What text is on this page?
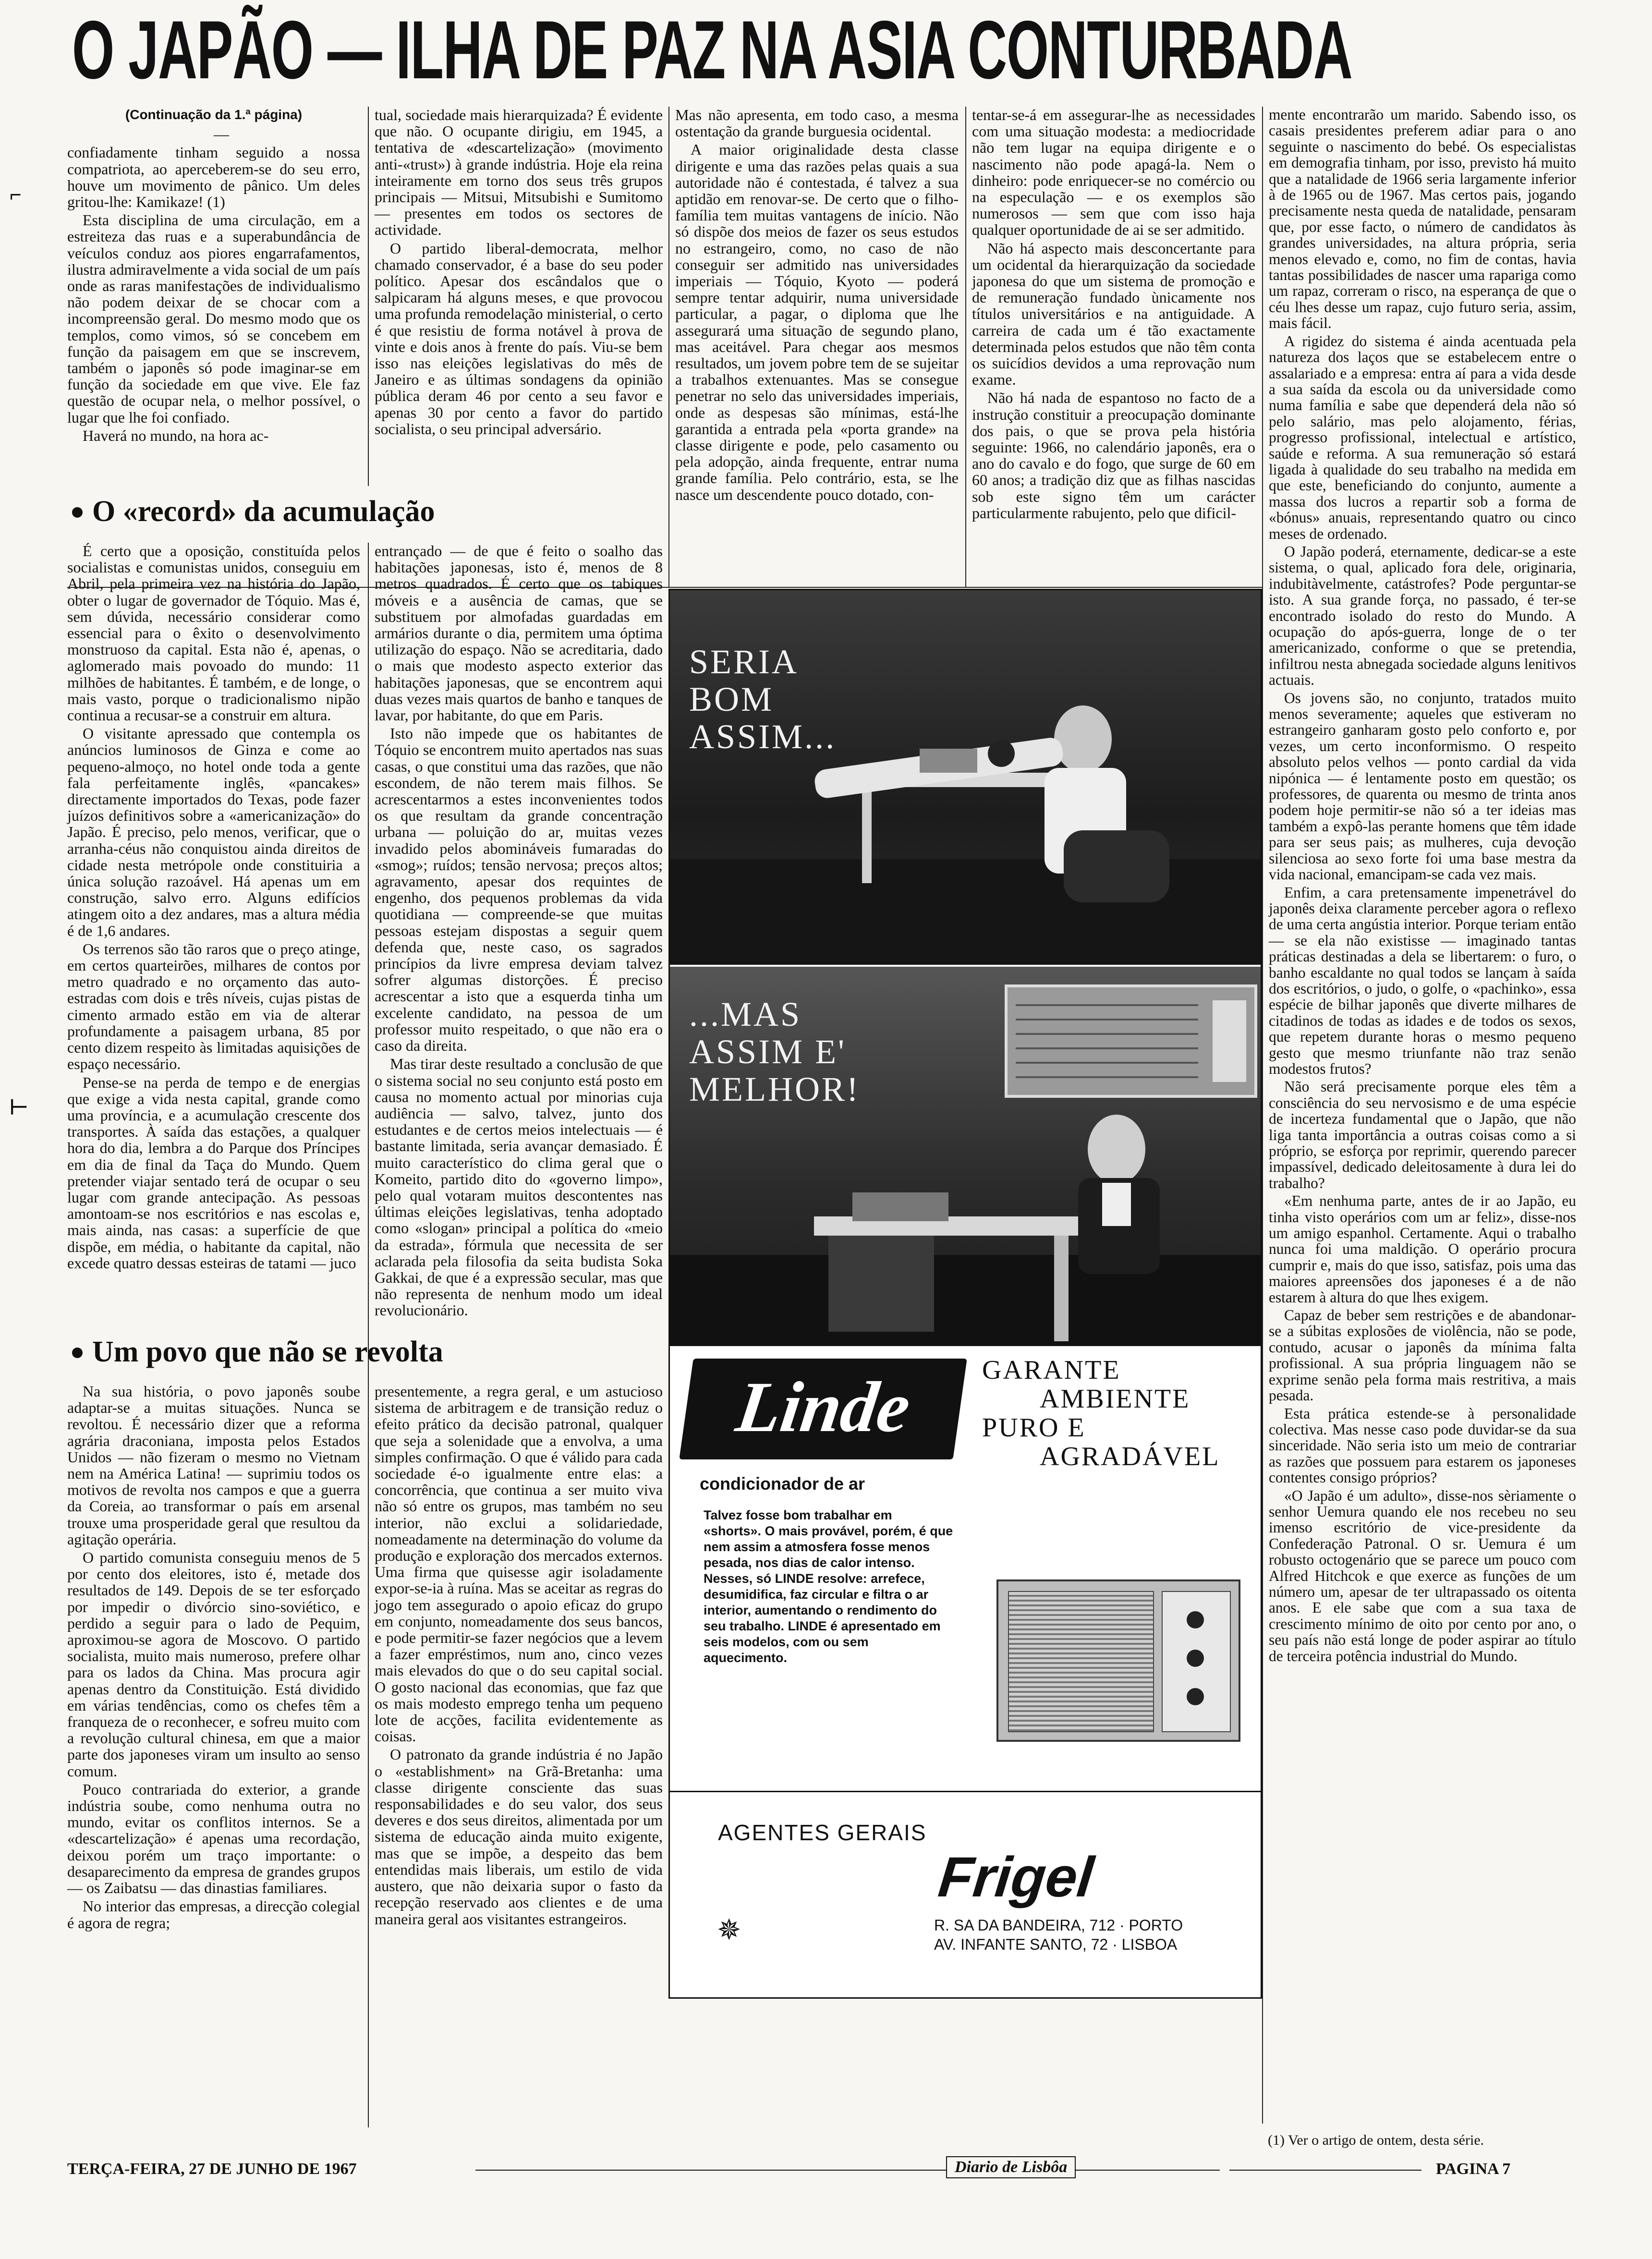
O JAPÃO — ILHA DE PAZ NA ASIA CONTURBADA

(Continuação da 1.ª página)

—

confiadamente tinham seguido a nossa compatriota, ao aperceberem-se do seu erro, houve um movimento de pânico. Um deles gritou-lhe: Kamikaze! (1)

Esta disciplina de uma circulação, em a estreiteza das ruas e a superabundância de veículos conduz aos piores engarrafamentos, ilustra admiravelmente a vida social de um país onde as raras manifestações de individualismo não podem deixar de se chocar com a incompreensão geral. Do mesmo modo que os templos, como vimos, só se concebem em função da paisagem em que se inscrevem, também o japonês só pode imaginar-se em função da sociedade em que vive. Ele faz questão de ocupar nela, o melhor possível, o lugar que lhe foi confiado.

Haverá no mundo, na hora ac-

tual, sociedade mais hierarquizada? É evidente que não. O ocupante dirigiu, em 1945, a tentativa de «descartelização» (movimento anti-«trust») à grande indústria. Hoje ela reina inteiramente em torno dos seus três grupos principais — Mitsui, Mitsubishi e Sumitomo — presentes em todos os sectores de actividade.

O partido liberal-democrata, melhor chamado conservador, é a base do seu poder político. Apesar dos escândalos que o salpicaram há alguns meses, e que provocou uma profunda remodelação ministerial, o certo é que resistiu de forma notável à prova de vinte e dois anos à frente do país. Viu-se bem isso nas eleições legislativas do mês de Janeiro e as últimas sondagens da opinião pública deram 46 por cento a seu favor e apenas 30 por cento a favor do partido socialista, o seu principal adversário.

Mas não apresenta, em todo caso, a mesma ostentação da grande burguesia ocidental.

A maior originalidade desta classe dirigente e uma das razões pelas quais a sua autoridade não é contestada, é talvez a sua aptidão em renovar-se. De certo que o filho-família tem muitas vantagens de início. Não só dispõe dos meios de fazer os seus estudos no estrangeiro, como, no caso de não conseguir ser admitido nas universidades imperiais — Tóquio, Kyoto — poderá sempre tentar adquirir, numa universidade particular, a pagar, o diploma que lhe assegurará uma situação de segundo plano, mas aceitável. Para chegar aos mesmos resultados, um jovem pobre tem de se sujeitar a trabalhos extenuantes. Mas se consegue penetrar no selo das universidades imperiais, onde as despesas são mínimas, está-lhe garantida a entrada pela «porta grande» na classe dirigente e pode, pelo casamento ou pela adopção, ainda frequente, entrar numa grande família. Pelo contrário, esta, se lhe nasce um descendente pouco dotado, con-

tentar-se-á em assegurar-lhe as necessidades com uma situação modesta: a mediocridade não tem lugar na equipa dirigente e o nascimento não pode apagá-la. Nem o dinheiro: pode enriquecer-se no comércio ou na especulação — e os exemplos são numerosos — sem que com isso haja qualquer oportunidade de ai se ser admitido.

Não há aspecto mais desconcertante para um ocidental da hierarquização da sociedade japonesa do que um sistema de promoção e de remuneração fundado ùnicamente nos títulos universitários e na antiguidade. A carreira de cada um é tão exactamente determinada pelos estudos que não têm conta os suicídios devidos a uma reprovação num exame.

Não há nada de espantoso no facto de a instrução constituir a preocupação dominante dos pais, o que se prova pela história seguinte: 1966, no calendário japonês, era o ano do cavalo e do fogo, que surge de 60 em 60 anos; a tradição diz que as filhas nascidas sob este signo têm um carácter particularmente rabujento, pelo que dificil-

mente encontrarão um marido. Sabendo isso, os casais presidentes preferem adiar para o ano seguinte o nascimento do bebé. Os especialistas em demografia tinham, por isso, previsto há muito que a natalidade de 1966 seria largamente inferior à de 1965 ou de 1967. Mas certos pais, jogando precisamente nesta queda de natalidade, pensaram que, por esse facto, o número de candidatos às grandes universidades, na altura própria, seria menos elevado e, como, no fim de contas, havia tantas possibilidades de nascer uma rapariga como um rapaz, correram o risco, na esperança de que o céu lhes desse um rapaz, cujo futuro seria, assim, mais fácil.

A rigidez do sistema é ainda acentuada pela natureza dos laços que se estabelecem entre o assalariado e a empresa: entra aí para a vida desde a sua saída da escola ou da universidade como numa família e sabe que dependerá dela não só pelo salário, mas pelo alojamento, férias, progresso profissional, intelectual e artístico, saúde e reforma. A sua remuneração só estará ligada à qualidade do seu trabalho na medida em que este, beneficiando do conjunto, aumente a massa dos lucros a repartir sob a forma de «bónus» anuais, representando quatro ou cinco meses de ordenado.

O Japão poderá, eternamente, dedicar-se a este sistema, o qual, aplicado fora dele, originaria, indubitàvelmente, catástrofes? Pode perguntar-se isto. A sua grande força, no passado, é ter-se encontrado isolado do resto do Mundo. A ocupação do após-guerra, longe de o ter americanizado, conforme o que se pretendia, infiltrou nesta abnegada sociedade alguns lenitivos actuais.

Os jovens são, no conjunto, tratados muito menos severamente; aqueles que estiveram no estrangeiro ganharam gosto pelo conforto e, por vezes, um certo inconformismo. O respeito absoluto pelos velhos — ponto cardial da vida nipónica — é lentamente posto em questão; os professores, de quarenta ou mesmo de trinta anos podem hoje permitir-se não só a ter ideias mas também a expô-las perante homens que têm idade para ser seus pais; as mulheres, cuja devoção silenciosa ao sexo forte foi uma base mestra da vida nacional, emancipam-se cada vez mais.

Enfim, a cara pretensamente impenetrável do japonês deixa claramente perceber agora o reflexo de uma certa angústia interior. Porque teriam então — se ela não existisse — imaginado tantas práticas destinadas a dela se libertarem: o furo, o banho escaldante no qual todos se lançam à saída dos escritórios, o judo, o golfe, o «pachinko», essa espécie de bilhar japonês que diverte milhares de citadinos de todas as idades e de todos os sexos, que repetem durante horas o mesmo pequeno gesto que mesmo triunfante não traz senão modestos frutos?

Não será precisamente porque eles têm a consciência do seu nervosismo e de uma espécie de incerteza fundamental que o Japão, que não liga tanta importância a outras coisas como a si próprio, se esforça por reprimir, querendo parecer impassível, dedicado deleitosamente à dura lei do trabalho?

«Em nenhuma parte, antes de ir ao Japão, eu tinha visto operários com um ar feliz», disse-nos um amigo espanhol. Certamente. Aqui o trabalho nunca foi uma maldição. O operário procura cumprir e, mais do que isso, satisfaz, pois uma das maiores apreensões dos japoneses é a de não estarem à altura do que lhes exigem.

Capaz de beber sem restrições e de abandonar-se a súbitas explosões de violência, não se pode, contudo, acusar o japonês da mínima falta profissional. A sua própria linguagem não se exprime senão pela forma mais restritiva, a mais pesada.

Esta prática estende-se à personalidade colectiva. Mas nesse caso pode duvidar-se da sua sinceridade. Não seria isto um meio de contrariar as razões que possuem para estarem os japoneses contentes consigo próprios?

«O Japão é um adulto», disse-nos sèriamente o senhor Uemura quando ele nos recebeu no seu imenso escritório de vice-presidente da Confederação Patronal. O sr. Uemura é um robusto octogenário que se parece um pouco com Alfred Hitchcok e que exerce as funções de um número um, apesar de ter ultrapassado os oitenta anos. E ele sabe que com a sua taxa de crescimento mínimo de oito por cento por ano, o seu país não está longe de poder aspirar ao título de terceira potência industrial do Mundo.

O «record» da acumulação

É certo que a oposição, constituída pelos socialistas e comunistas unidos, conseguiu em Abril, pela primeira vez na história do Japão, obter o lugar de governador de Tóquio. Mas é, sem dúvida, necessário considerar como essencial para o êxito o desenvolvimento monstruoso da capital. Esta não é, apenas, o aglomerado mais povoado do mundo: 11 milhões de habitantes. É também, e de longe, o mais vasto, porque o tradicionalismo nipão continua a recusar-se a construir em altura.

O visitante apressado que contempla os anúncios luminosos de Ginza e come ao pequeno-almoço, no hotel onde toda a gente fala perfeitamente inglês, «pancakes» directamente importados do Texas, pode fazer juízos definitivos sobre a «americanização» do Japão. É preciso, pelo menos, verificar, que o arranha-céus não conquistou ainda direitos de cidade nesta metrópole onde constituiria a única solução razoável. Há apenas um em construção, salvo erro. Alguns edifícios atingem oito a dez andares, mas a altura média é de 1,6 andares.

Os terrenos são tão raros que o preço atinge, em certos quarteirões, milhares de contos por metro quadrado e no orçamento das auto-estradas com dois e três níveis, cujas pistas de cimento armado estão em via de alterar profundamente a paisagem urbana, 85 por cento dizem respeito às limitadas aquisições de espaço necessário.

Pense-se na perda de tempo e de energias que exige a vida nesta capital, grande como uma província, e a acumulação crescente dos transportes. À saída das estações, a qualquer hora do dia, lembra a do Parque dos Príncipes em dia de final da Taça do Mundo. Quem pretender viajar sentado terá de ocupar o seu lugar com grande antecipação. As pessoas amontoam-se nos escritórios e nas escolas e, mais ainda, nas casas: a superfície de que dispõe, em média, o habitante da capital, não excede quatro dessas esteiras de tatami — juco

entrançado — de que é feito o soalho das habitações japonesas, isto é, menos de 8 metros quadrados. É certo que os tabiques móveis e a ausência de camas, que se substituem por almofadas guardadas em armários durante o dia, permitem uma óptima utilização do espaço. Não se acreditaria, dado o mais que modesto aspecto exterior das habitações japonesas, que se encontrem aqui duas vezes mais quartos de banho e tanques de lavar, por habitante, do que em Paris.

Isto não impede que os habitantes de Tóquio se encontrem muito apertados nas suas casas, o que constitui uma das razões, que não escondem, de não terem mais filhos. Se acrescentarmos a estes inconvenientes todos os que resultam da grande concentração urbana — poluição do ar, muitas vezes invadido pelos abomináveis fumaradas do «smog»; ruídos; tensão nervosa; preços altos; agravamento, apesar dos requintes de engenho, dos pequenos problemas da vida quotidiana — compreende-se que muitas pessoas estejam dispostas a seguir quem defenda que, neste caso, os sagrados princípios da livre empresa deviam talvez sofrer algumas distorções. É preciso acrescentar a isto que a esquerda tinha um excelente candidato, na pessoa de um professor muito respeitado, o que não era o caso da direita.

Mas tirar deste resultado a conclusão de que o sistema social no seu conjunto está posto em causa no momento actual por minorias cuja audiência — salvo, talvez, junto dos estudantes e de certos meios intelectuais — é bastante limitada, seria avançar demasiado. É muito característico do clima geral que o Komeito, partido dito do «governo limpo», pelo qual votaram muitos descontentes nas últimas eleições legislativas, tenha adoptado como «slogan» principal a política do «meio da estrada», fórmula que necessita de ser aclarada pela filosofia da seita budista Soka Gakkai, de que é a expressão secular, mas que não representa de nenhum modo um ideal revolucionário.

Um povo que não se revolta

Na sua história, o povo japonês soube adaptar-se a muitas situações. Nunca se revoltou. É necessário dizer que a reforma agrária draconiana, imposta pelos Estados Unidos — não fizeram o mesmo no Vietnam nem na América Latina! — suprimiu todos os motivos de revolta nos campos e que a guerra da Coreia, ao transformar o país em arsenal trouxe uma prosperidade geral que resultou da agitação operária.

O partido comunista conseguiu menos de 5 por cento dos eleitores, isto é, metade dos resultados de 149. Depois de se ter esforçado por impedir o divórcio sino-soviético, e perdido a seguir para o lado de Pequim, aproximou-se agora de Moscovo. O partido socialista, muito mais numeroso, prefere olhar para os lados da China. Mas procura agir apenas dentro da Constituição. Está dividido em várias tendências, como os chefes têm a franqueza de o reconhecer, e sofreu muito com a revolução cultural chinesa, em que a maior parte dos japoneses viram um insulto ao senso comum.

Pouco contrariada do exterior, a grande indústria soube, como nenhuma outra no mundo, evitar os conflitos internos. Se a «descartelização» é apenas uma recordação, deixou porém um traço importante: o desaparecimento da empresa de grandes grupos — os Zaibatsu — das dinastias familiares.

No interior das empresas, a direcção colegial é agora de regra;

presentemente, a regra geral, e um astucioso sistema de arbitragem e de transição reduz o efeito prático da decisão patronal, qualquer que seja a solenidade que a envolva, a uma simples confirmação. O que é válido para cada sociedade é-o igualmente entre elas: a concorrência, que continua a ser muito viva não só entre os grupos, mas também no seu interior, não exclui a solidariedade, nomeadamente na determinação do volume da produção e exploração dos mercados externos. Uma firma que quisesse agir isoladamente expor-se-ia à ruína. Mas se aceitar as regras do jogo tem assegurado o apoio eficaz do grupo em conjunto, nomeadamente dos seus bancos, e pode permitir-se fazer negócios que a levem a fazer empréstimos, num ano, cinco vezes mais elevados do que o do seu capital social. O gosto nacional das economias, que faz que os mais modesto emprego tenha um pequeno lote de acções, facilita evidentemente as coisas.

O patronato da grande indústria é no Japão o «establishment» na Grã-Bretanha: uma classe dirigente consciente das suas responsabilidades e do seu valor, dos seus deveres e dos seus direitos, alimentada por um sistema de educação ainda muito exigente, mas que se impõe, a despeito das bem entendidas mais liberais, um estilo de vida austero, que não deixaria supor o fasto da recepção reservado aos clientes e de uma maneira geral aos visitantes estrangeiros.

SERIA
BOM
ASSIM...
...MAS
ASSIM E'
MELHOR!
Linde
condicionador de ar
Talvez fosse bom trabalhar em «shorts». O mais provável, porém, é que nem assim a atmosfera fosse menos pesada, nos dias de calor intenso. Nesses, só LINDE resolve: arrefece, desumidifica, faz circular e filtra o ar interior, aumentando o rendimento do seu trabalho. LINDE é apresentado em seis modelos, com ou sem aquecimento.
GARANTE
AMBIENTE
PURO E
AGRADÁVEL
AGENTES GERAIS
✵
Frigel
R. SA DA BANDEIRA, 712 · PORTO
AV. INFANTE SANTO, 72 · LISBOA
(1) Ver o artigo de ontem, desta série.
⌐
⊢
TERÇA-FEIRA, 27 DE JUNHO DE 1967	Diario de Lisbôa	PAGINA 7
